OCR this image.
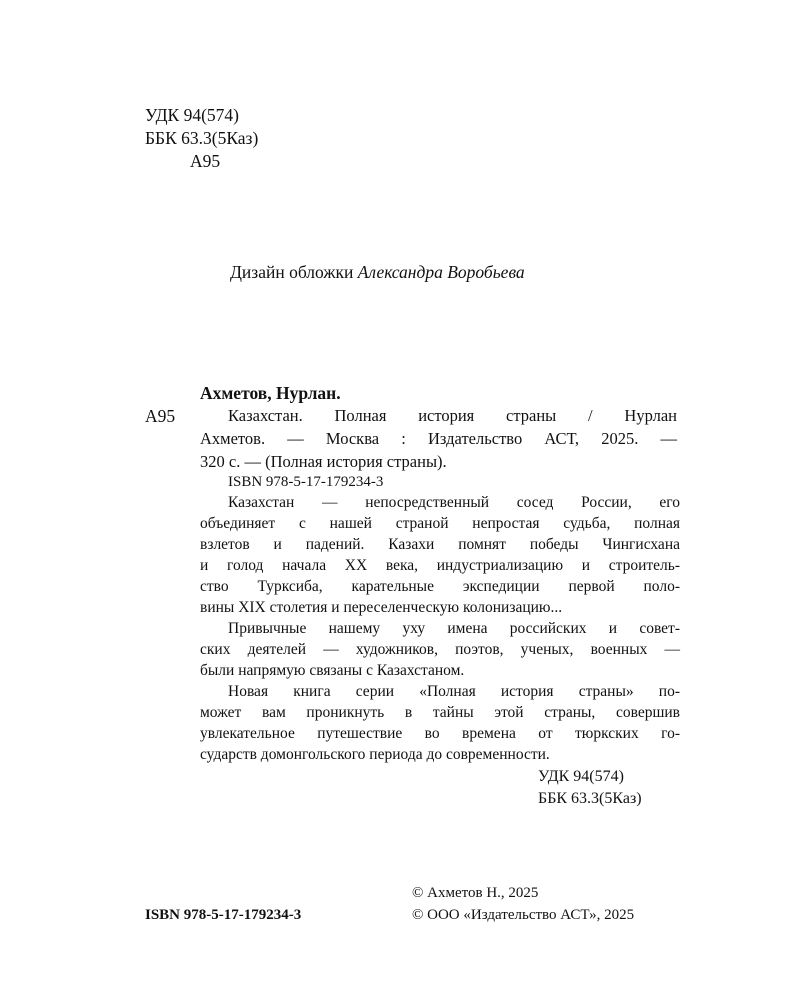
УДК 94(574)
ББК 63.3(5Каз)
А95
Дизайн обложки Александра Воробьева
Ахметов, Нурлан.
А95	Казахстан. Полная история страны / Нурлан
Ахметов. — Москва : Издательство АСТ, 2025. —
320 с. — (Полная история страны).
ISBN 978-5-17-179234-3
Казахстан — непосредственный сосед России, его
объединяет с нашей страной непростая судьба, полная
взлетов и падений. Казахи помнят победы Чингисхана
и голод начала ХХ века, индустриализацию и строитель-
ство Турксиба, карательные экспедиции первой поло-
вины XIX столетия и переселенческую колонизацию...
Привычные нашему уху имена российских и совет-
ских деятелей — художников, поэтов, ученых, военных —
были напрямую связаны с Казахстаном.
Новая книга серии «Полная история страны» по-
может вам проникнуть в тайны этой страны, совершив
увлекательное путешествие во времена от тюркских го-
сударств домонгольского периода до современности.
УДК 94(574)
ББК 63.3(5Каз)
ISBN 978-5-17-179234-3
© Ахметов Н., 2025
© ООО «Издательство АСТ», 2025
